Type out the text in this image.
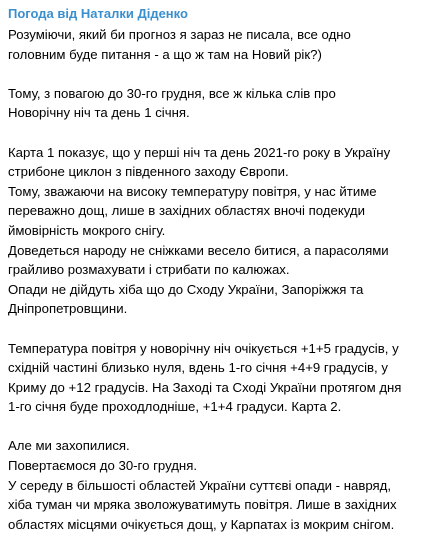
Погода від Наталки Діденко
Розуміючи, який би прогноз я зараз не писала, все одно
головним буде питання - а що ж там на Новий рік?)
Тому, з повагою до 30-го грудня, все ж кілька слів про
Новорічну ніч та день 1 січня.
Карта 1 показує, що у перші ніч та день 2021-го року в Україну
стрибоне циклон з південного заходу Європи.
Тому, зважаючи на високу температуру повітря, у нас йтиме
переважно дощ, лише в західних областях вночі подекуди
ймовірність мокрого снігу.
Доведеться народу не сніжками весело битися, а парасолями
грайливо розмахувати і стрибати по калюжах.
Опади не дійдуть хіба що до Сходу України, Запоріжжя та
Дніпропетровщини.
Температура повітря у новорічну ніч очікується +1+5 градусів, у
східній частині близько нуля, вдень 1-го січня +4+9 градусів, у
Криму до +12 градусів. На Заході та Сході України протягом дня
1-го січня буде проходлодніше, +1+4 градуси. Карта 2.
Але ми захопилися.
Повертаємося до 30-го грудня.
У середу в більшості областей України суттєві опади - навряд,
хіба туман чи мряка зволожуватимуть повітря. Лише в західних
областях місцями очікується дощ, у Карпатах із мокрим снігом.
